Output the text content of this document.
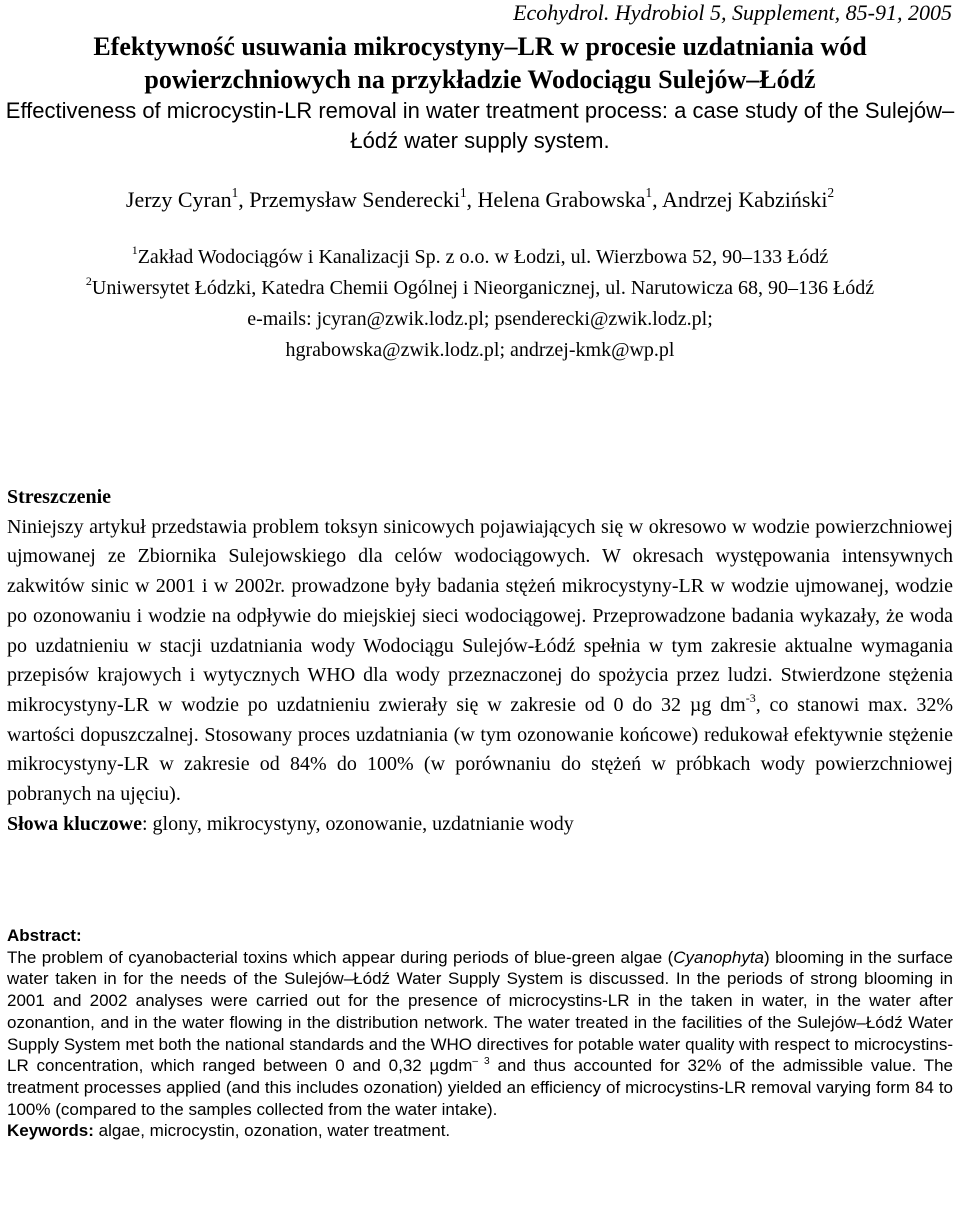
Ecohydrol. Hydrobiol 5, Supplement, 85-91, 2005
Efektywność usuwania mikrocystyny–LR w procesie uzdatniania wód powierzchniowych na przykładzie Wodociągu Sulejów–Łódź
Effectiveness of microcystin-LR removal in water treatment process: a case study of the Sulejów–Łódź water supply system.
Jerzy Cyran$^1$, Przemysław Senderecki$^1$, Helena Grabowska$^1$, Andrzej Kabziński$^2$
$^1$Zakład Wodociągów i Kanalizacji Sp. z o.o. w Łodzi, ul. Wierzbowa 52, 90–133 Łódź
$^2$Uniwersytet Łódzki, Katedra Chemii Ogólnej i Nieorganicznej, ul. Narutowicza 68, 90–136 Łódź
e-mails: jcyran@zwik.lodz.pl; psenderecki@zwik.lodz.pl; hgrabowska@zwik.lodz.pl; andrzej-kmk@wp.pl
Streszczenie

Niniejszy artykuł przedstawia problem toksyn sinicowych pojawiających się w okresowo w wodzie powierzchniowej ujmowanej ze Zbiornika Sulejowskiego dla celów wodociągowych. W okresach występowania intensywnych zakwitów sinic w 2001 i w 2002r. prowadzone były badania stężeń mikrocystyny-LR w wodzie ujmowanej, wodzie po ozonowaniu i wodzie na odpływie do miejskiej sieci wodociągowej. Przeprowadzone badania wykazały, że woda po uzdatnieniu w stacji uzdatniania wody Wodociągu Sulejów-Łódź spełnia w tym zakresie aktualne wymagania przepisów krajowych i wytycznych WHO dla wody przeznaczonej do spożycia przez ludzi. Stwierdzone stężenia mikrocystyny-LR w wodzie po uzdatnieniu zwierały się w zakresie od 0 do 32 µg $dm^{-3}$, co stanowi max. 32% wartości dopuszczalnej. Stosowany proces uzdatniania (w tym ozonowanie końcowe) redukował efektywnie stężenie mikrocystyny-LR w zakresie od 84% do 100% (w porównaniu do stężeń w próbkach wody powierzchniowej pobranych na ujęciu).

Słowa kluczowe: glony, mikrocystyny, ozonowanie, uzdatnianie wody

Abstract:

The problem of cyanobacterial toxins which appear during periods of blue-green algae (Cyanophyta) blooming in the surface water taken in for the needs of the Sulejów–Łódź Water Supply System is discussed. In the periods of strong blooming in 2001 and 2002 analyses were carried out for the presence of microcystins-LR in the taken in water, in the water after ozonantion, and in the water flowing in the distribution network. The water treated in the facilities of the Sulejów–Łódź Water Supply System met both the national standards and the WHO directives for potable water quality with respect to microcystins-LR concentration, which ranged between 0 and 0,32 µgdm$^{- 3}$ and thus accounted for 32% of the admissible value. The treatment processes applied (and this includes ozonation) yielded an efficiency of microcystins-LR removal varying form 84 to 100% (compared to the samples collected from the water intake).

Keywords: algae, microcystin, ozonation, water treatment.
